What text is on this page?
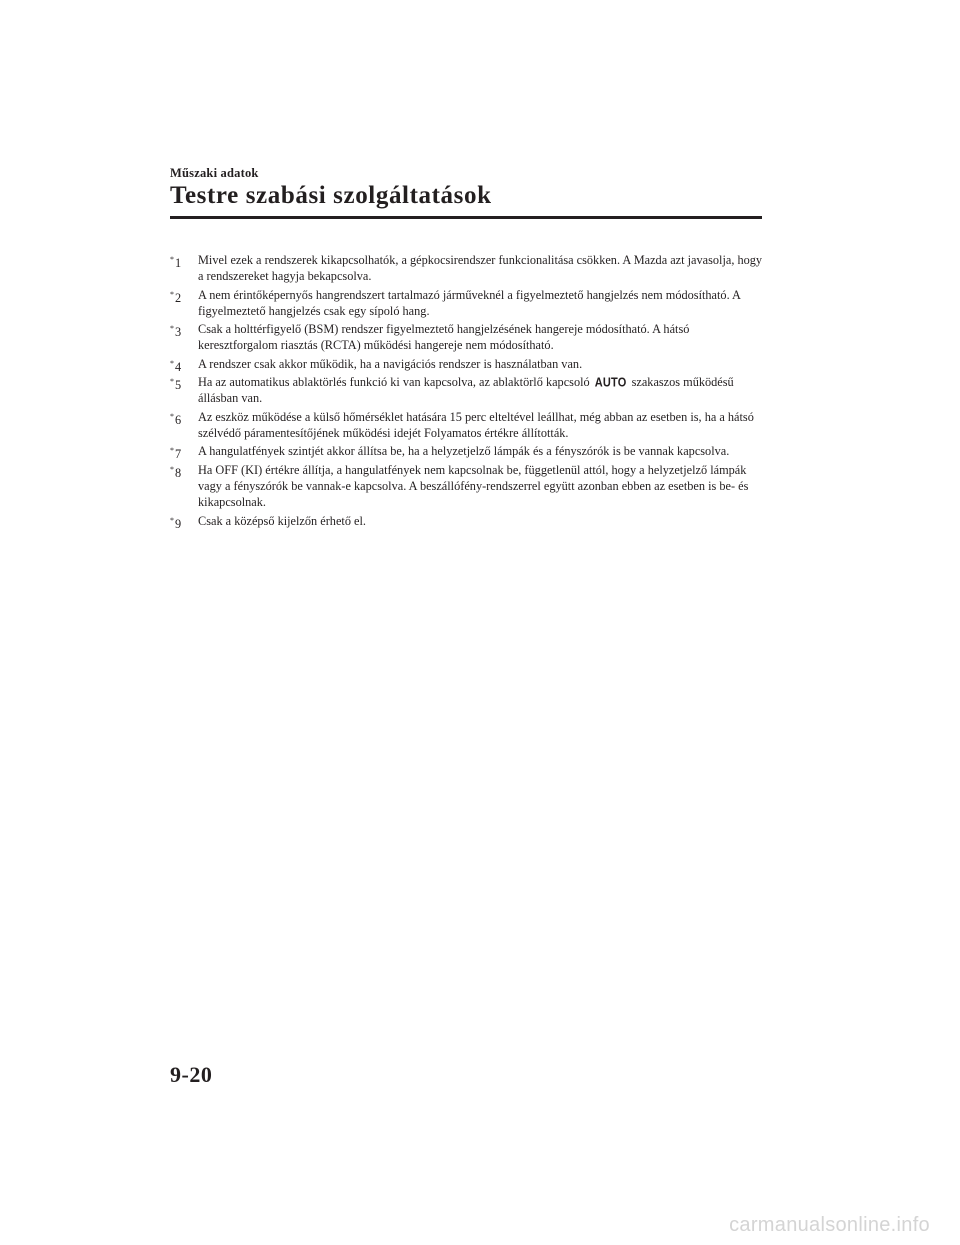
Műszaki adatok
Testre szabási szolgáltatások
*1 Mivel ezek a rendszerek kikapcsolhatók, a gépkocsirendszer funkcionalitása csökken. A Mazda azt javasolja, hogy a rendszereket hagyja bekapcsolva.
*2 A nem érintőképernyős hangrendszert tartalmazó járműveknél a figyelmeztető hangjelzés nem módosítható. A figyelmeztető hangjelzés csak egy sípoló hang.
*3 Csak a holttérfigyelő (BSM) rendszer figyelmeztető hangjelzésének hangereje módosítható. A hátsó keresztforgalom riasztás (RCTA) működési hangereje nem módosítható.
*4 A rendszer csak akkor működik, ha a navigációs rendszer is használatban van.
*5 Ha az automatikus ablaktörlés funkció ki van kapcsolva, az ablaktörlő kapcsoló AUTO szakaszos működésű állásban van.
*6 Az eszköz működése a külső hőmérséklet hatására 15 perc elteltével leállhat, még abban az esetben is, ha a hátsó szélvédő páramentesítőjének működési idejét Folyamatos értékre állították.
*7 A hangulatfények szintjét akkor állítsa be, ha a helyzetjelző lámpák és a fényszórók is be vannak kapcsolva.
*8 Ha OFF (KI) értékre állítja, a hangulatfények nem kapcsolnak be, függetlenül attól, hogy a helyzetjelző lámpák vagy a fényszórók be vannak-e kapcsolva. A beszállófény-rendszerrel együtt azonban ebben az esetben is be- és kikapcsolnak.
*9 Csak a középső kijelzőn érhető el.
9-20
carmanualsonline.info
